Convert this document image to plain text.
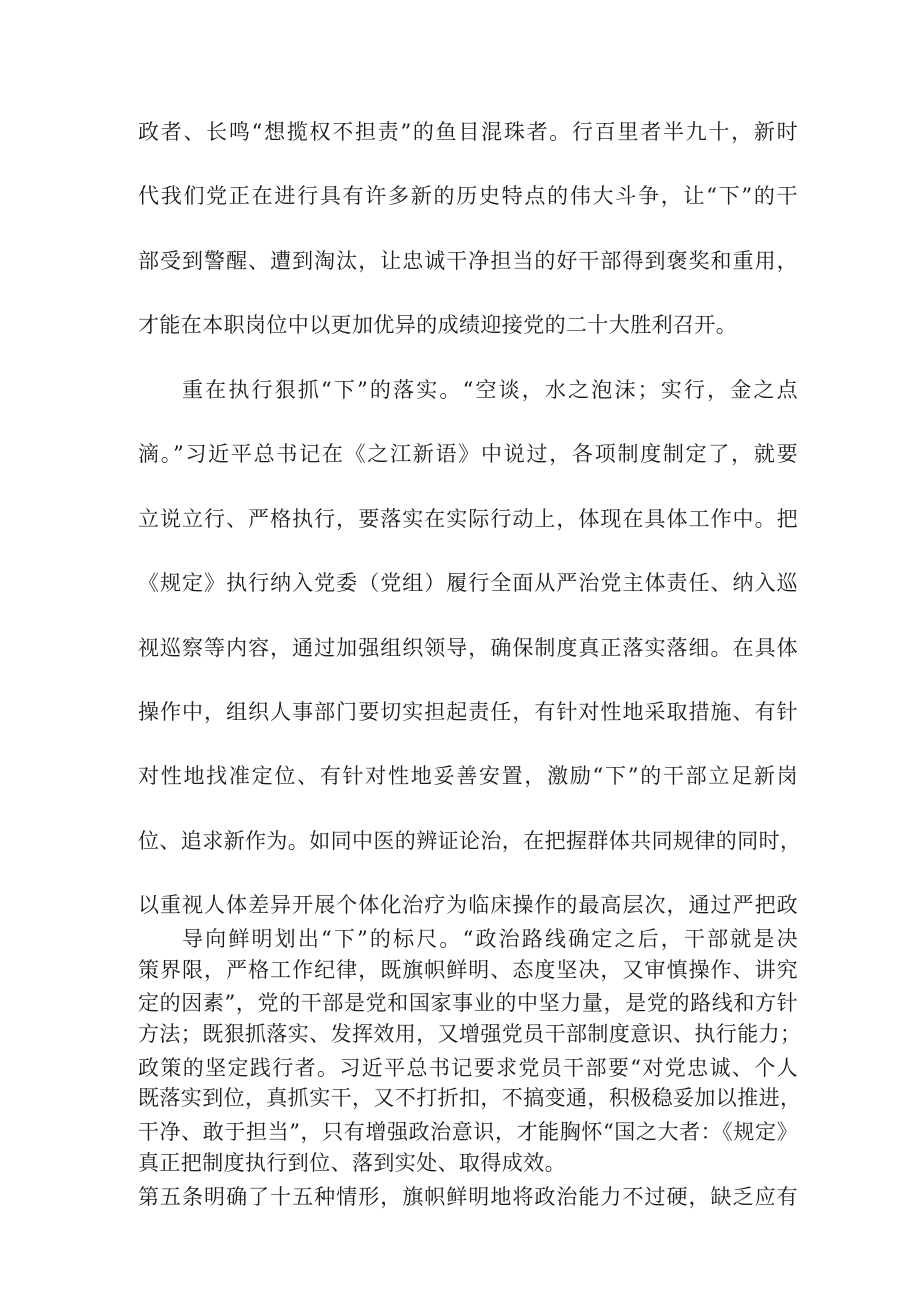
政者、长鸣“想揽权不担责”的鱼目混珠者。行百里者半九十，新时
代我们党正在进行具有许多新的历史特点的伟大斗争，让“下”的干
部受到警醒、遭到淘汰，让忠诚干净担当的好干部得到褒奖和重用，
才能在本职岗位中以更加优异的成绩迎接党的二十大胜利召开。
重在执行狠抓“下”的落实。“空谈，水之泡沫；实行，金之点
滴。”习近平总书记在《之江新语》中说过，各项制度制定了，就要
立说立行、严格执行，要落实在实际行动上，体现在具体工作中。把
《规定》执行纳入党委（党组）履行全面从严治党主体责任、纳入巡
视巡察等内容，通过加强组织领导，确保制度真正落实落细。在具体
操作中，组织人事部门要切实担起责任，有针对性地采取措施、有针
对性地找准定位、有针对性地妥善安置，激励“下”的干部立足新岗
位、追求新作为。如同中医的辨证论治，在把握群体共同规律的同时，
以重视人体差异开展个体化治疗为临床操作的最高层次，通过严把政
策界限，严格工作纪律，既旗帜鲜明、态度坚决，又审慎操作、讲究
方法；既狠抓落实、发挥效用，又增强党员干部制度意识、执行能力；
既落实到位，真抓实干，又不打折扣，不搞变通，积极稳妥加以推进，
真正把制度执行到位、落到实处、取得成效。
导向鲜明划出“下”的标尺。“政治路线确定之后，干部就是决
定的因素”，党的干部是党和国家事业的中坚力量，是党的路线和方针
政策的坚定践行者。习近平总书记要求党员干部要“对党忠诚、个人
干净、敢于担当”，只有增强政治意识，才能胸怀“国之大者：《规定》
第五条明确了十五种情形，旗帜鲜明地将政治能力不过硬，缺乏应有
